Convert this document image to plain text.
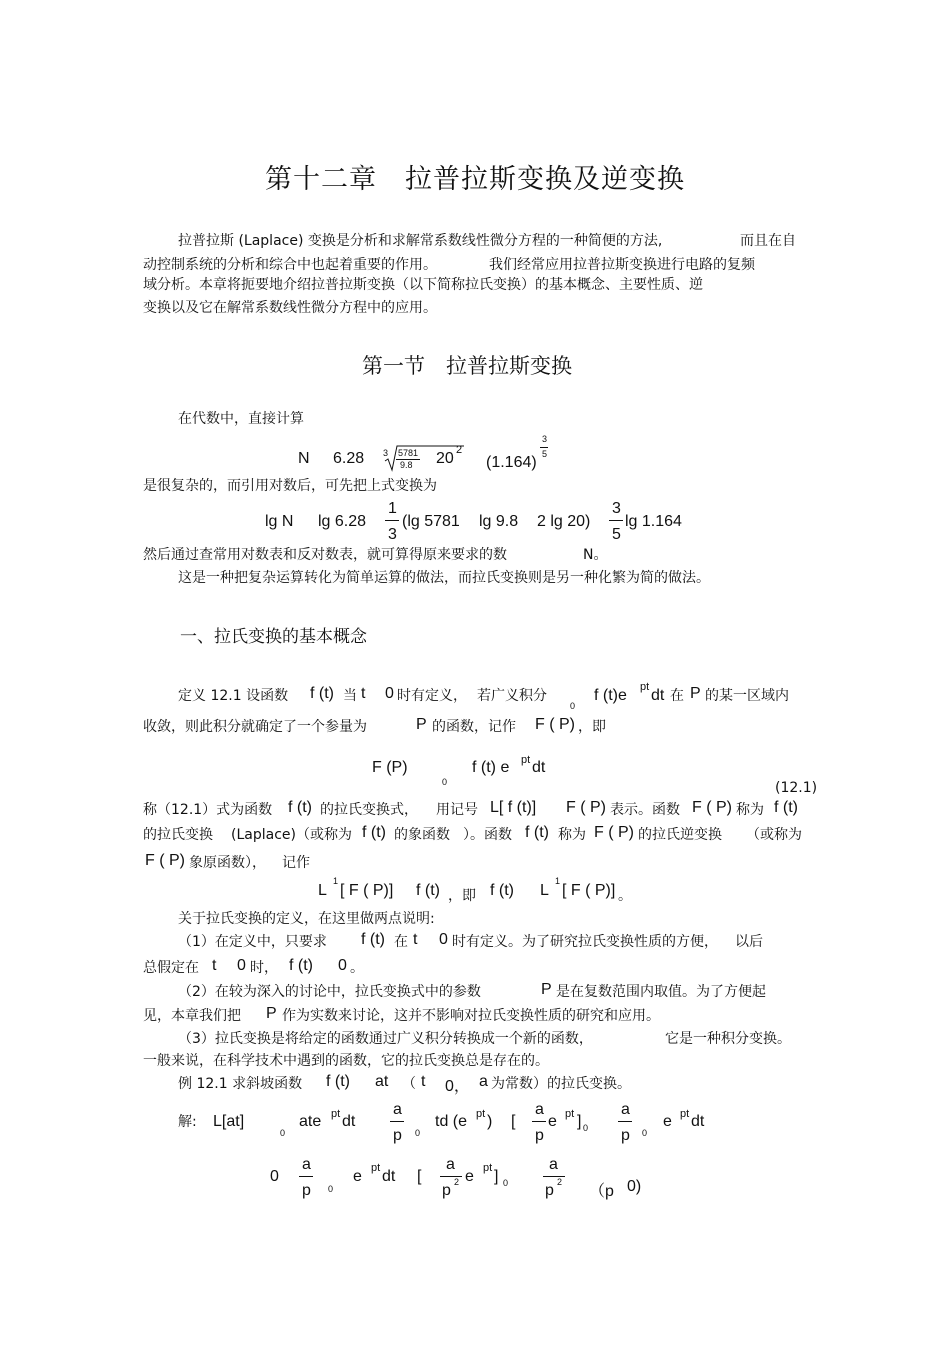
第十二章　拉普拉斯变换及逆变换
拉普拉斯 (Laplace) 变换是分析和求解常系数线性微分方程的一种简便的方法,	而且在自
动控制系统的分析和综合中也起着重要的作用。	我们经常应用拉普拉斯变换进行电路的复频
域分析。本章将扼要地介绍拉普拉斯变换（以下简称拉氏变换）的基本概念、主要性质、逆
变换以及它在解常系数线性微分方程中的应用。
第一节　拉普拉斯变换
在代数中，直接计算
N 6.28 3 5781
9.8 20 2
(1.164)
3
5
是很复杂的，而引用对数后，可先把上式变换为
lg N lg 6.28
1
3
(lg 5781 lg 9.8 2 lg 20)
3
5
lg 1.164
然后通过查常用对数表和反对数表，就可算得原来要求的数	N。
这是一种把复杂运算转化为简单运算的做法，而拉氏变换则是另一种化繁为简的做法。
一、拉氏变换的基本概念
定义 12.1 设函数 f (t) 当 t 0 时有定义， 若广义积分
0
f (t)e pt dt 在 P 的某一区域内
收敛，则此积分就确定了一个参量为	P 的函数，记作 F ( P) ，即
F (P)
0
f (t) e pt dt
(12.1)
称（12.1）式为函数 f (t) 的拉氏变换式， 用记号 L[ f (t)] F ( P) 表示。函数 F ( P) 称为 f (t)
的拉氏变换 (Laplace)（或称为 f (t) 的象函数 ）。函数 f (t) 称为 F ( P) 的拉氏逆变换 （或称为
F ( P) 象原函数）， 记作
L
1
[ F ( P)] f (t) ，即 f (t) L
1
[ F ( P)] 。
关于拉氏变换的定义，在这里做两点说明:
（1）在定义中，只要求 f (t) 在 t 0 时有定义。为了研究拉氏变换性质的方便， 以后
总假定在 t 0 时， f (t) 0 。
（2）在较为深入的讨论中，拉氏变换式中的参数	P 是在复数范围内取值。为了方便起
见，本章我们把 P 作为实数来讨论，这并不影响对拉氏变换性质的研究和应用。
（3）拉氏变换是将给定的函数通过广义积分转换成一个新的函数，	它是一种积分变换。
一般来说，在科学技术中遇到的函数，它的拉氏变换总是存在的。
例 12.1 求斜坡函数 f (t) at （ t 0， a 为常数）的拉氏变换。
解: L[at]
0
ate pt dt
a
p 0
td (e pt ) [
a
p
e pt ] 0
a
p 0
e pt dt
0
a
p 0
e pt dt [
a
p 2 e pt ] 0
a
p 2
（p 0)
